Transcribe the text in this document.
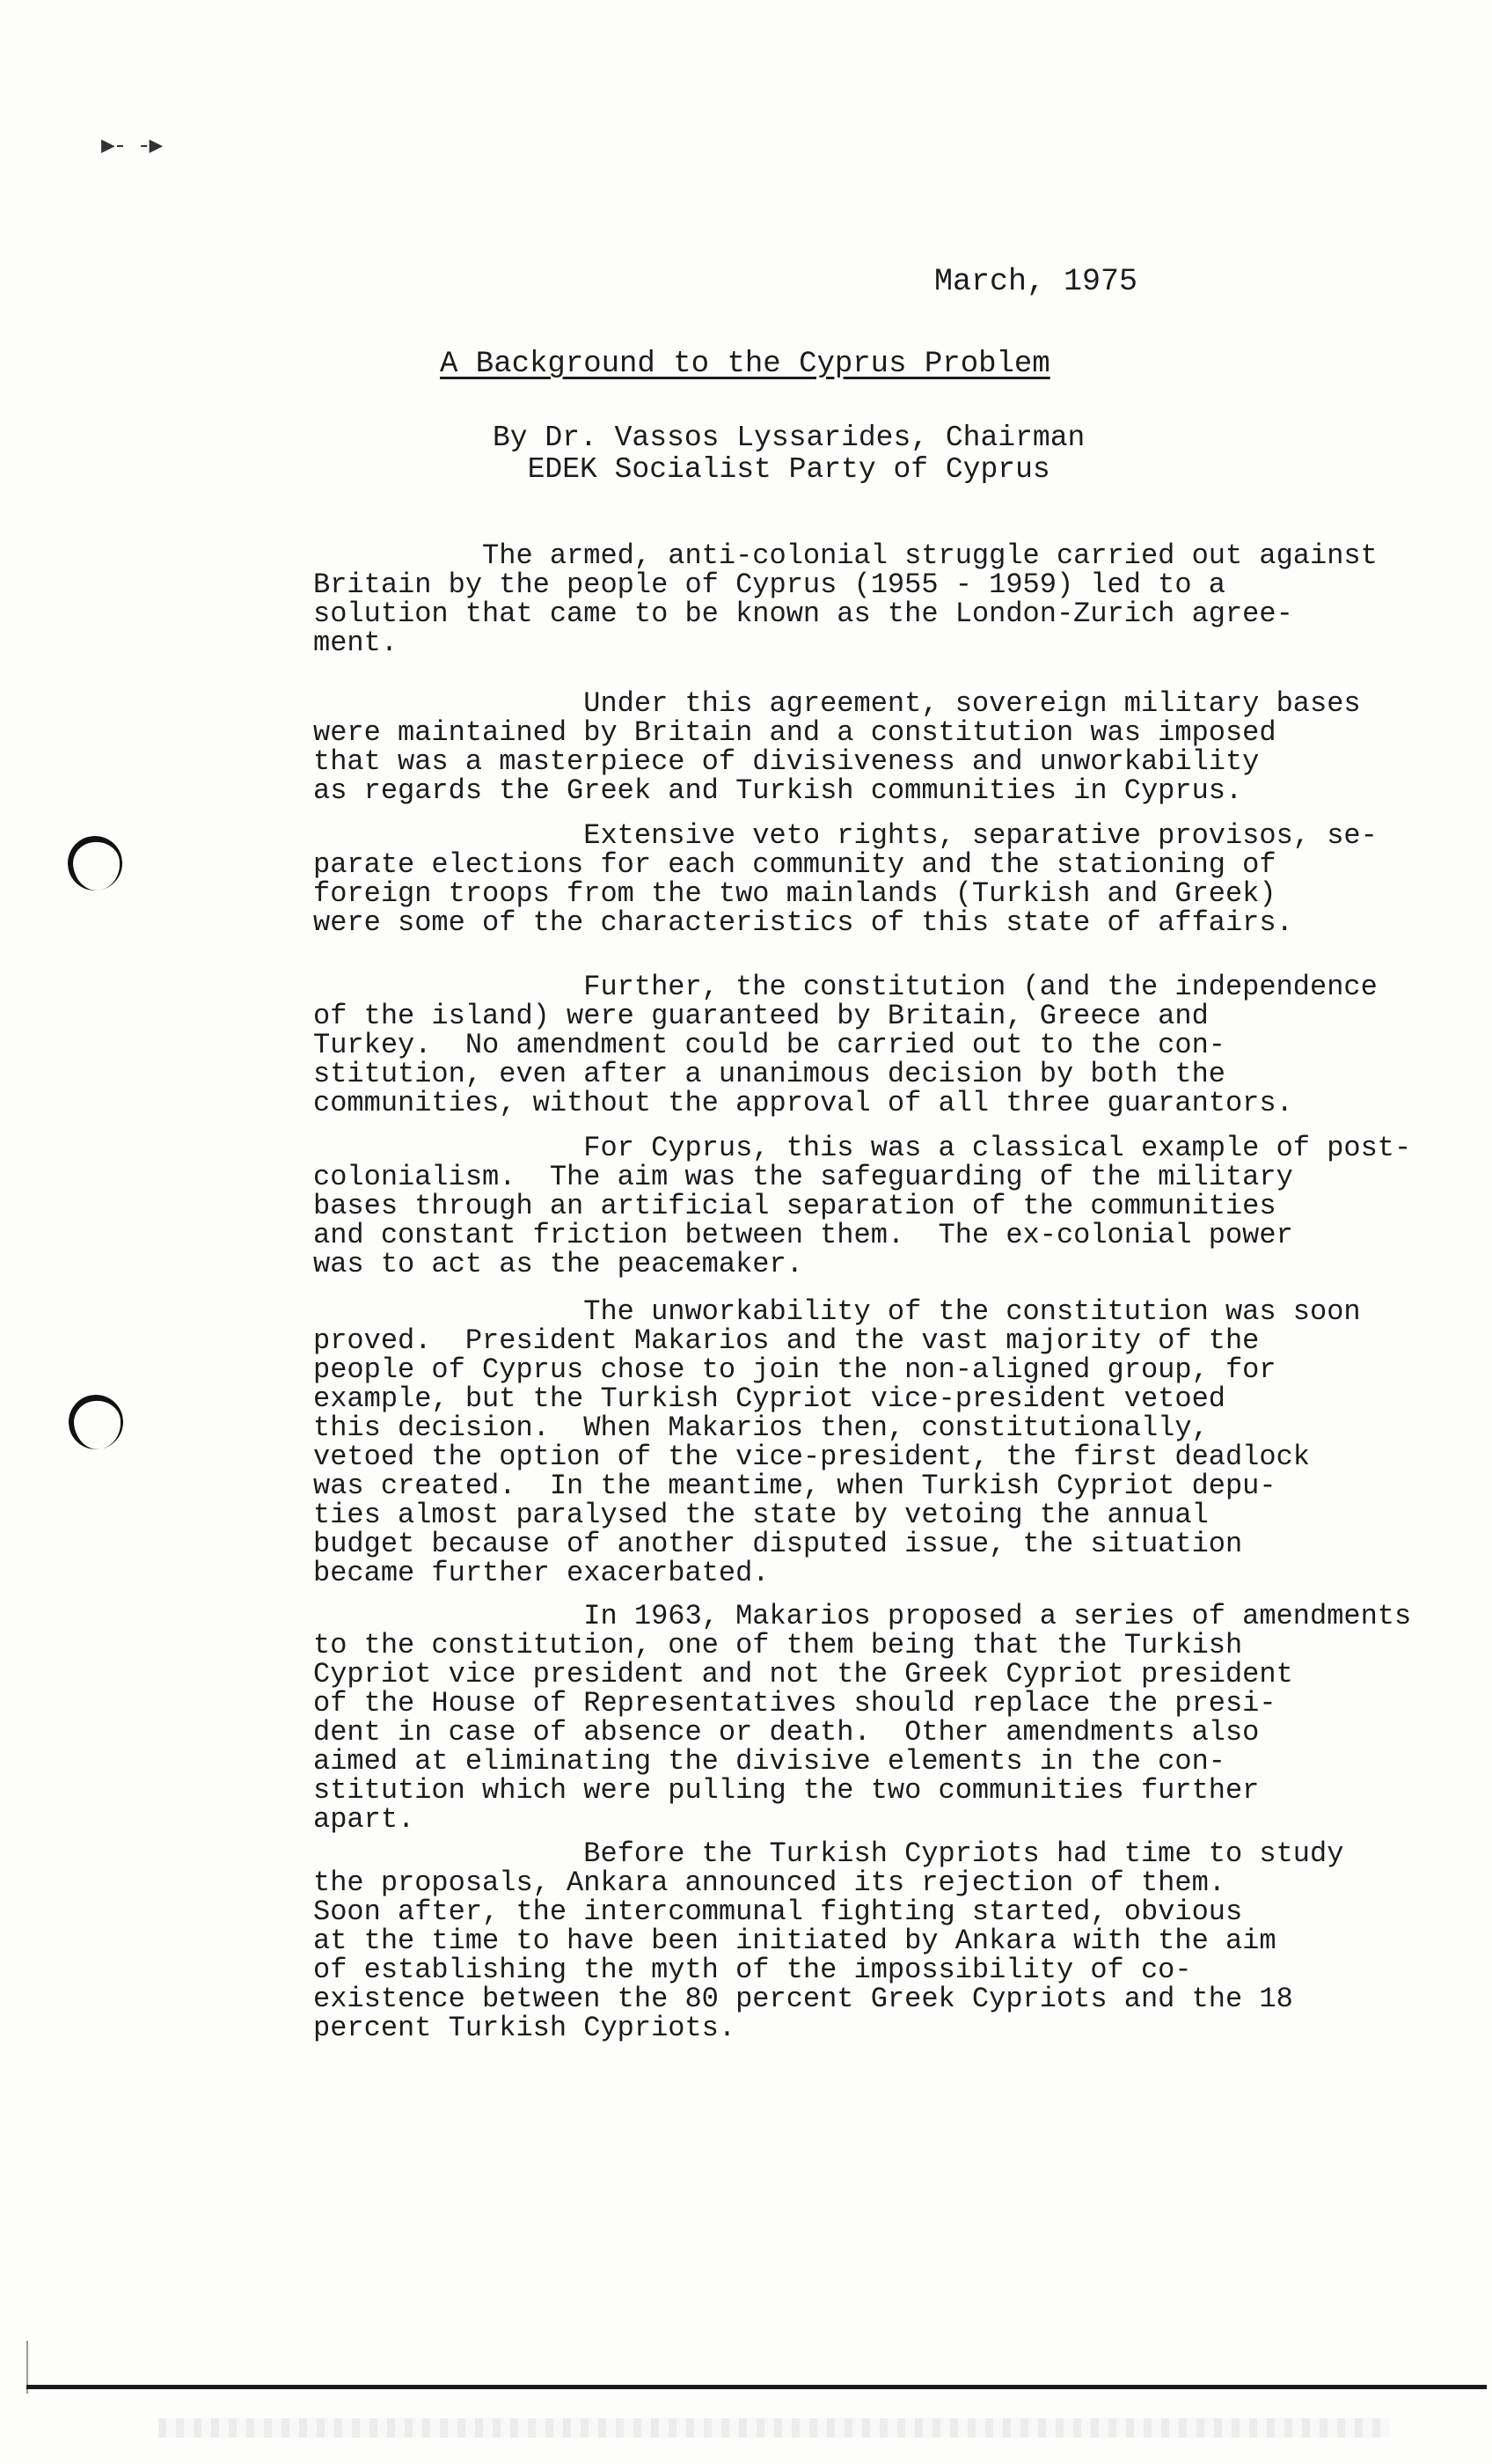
▶- -▶
March, 1975
A Background to the Cyprus Problem
By Dr. Vassos Lyssarides, Chairman
EDEK Socialist Party of Cyprus
The armed, anti-colonial struggle carried out against
Britain by the people of Cyprus (1955 - 1959) led to a
solution that came to be known as the London-Zurich agree-
ment.
Under this agreement, sovereign military bases
were maintained by Britain and a constitution was imposed
that was a masterpiece of divisiveness and unworkability
as regards the Greek and Turkish communities in Cyprus.
Extensive veto rights, separative provisos, se-
parate elections for each community and the stationing of
foreign troops from the two mainlands (Turkish and Greek)
were some of the characteristics of this state of affairs.
Further, the constitution (and the independence
of the island) were guaranteed by Britain, Greece and
Turkey.  No amendment could be carried out to the con-
stitution, even after a unanimous decision by both the
communities, without the approval of all three guarantors.
For Cyprus, this was a classical example of post-
colonialism.  The aim was the safeguarding of the military
bases through an artificial separation of the communities
and constant friction between them.  The ex-colonial power
was to act as the peacemaker.
The unworkability of the constitution was soon
proved.  President Makarios and the vast majority of the
people of Cyprus chose to join the non-aligned group, for
example, but the Turkish Cypriot vice-president vetoed
this decision.  When Makarios then, constitutionally,
vetoed the option of the vice-president, the first deadlock
was created.  In the meantime, when Turkish Cypriot depu-
ties almost paralysed the state by vetoing the annual
budget because of another disputed issue, the situation
became further exacerbated.
In 1963, Makarios proposed a series of amendments
to the constitution, one of them being that the Turkish
Cypriot vice president and not the Greek Cypriot president
of the House of Representatives should replace the presi-
dent in case of absence or death.  Other amendments also
aimed at eliminating the divisive elements in the con-
stitution which were pulling the two communities further
apart.
Before the Turkish Cypriots had time to study
the proposals, Ankara announced its rejection of them.
Soon after, the intercommunal fighting started, obvious
at the time to have been initiated by Ankara with the aim
of establishing the myth of the impossibility of co-
existence between the 80 percent Greek Cypriots and the 18
percent Turkish Cypriots.
